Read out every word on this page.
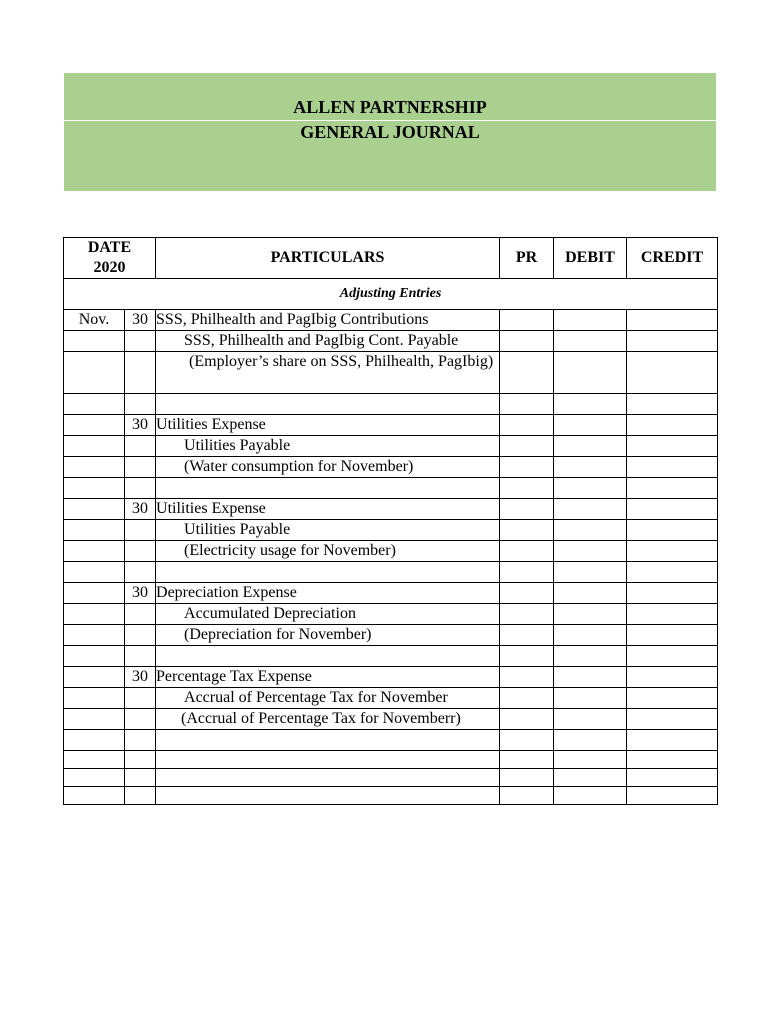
ALLEN PARTNERSHIP
GENERAL JOURNAL
DATE
2020		PARTICULARS	PR	DEBIT	CREDIT
Adjusting Entries					
Nov.	30	SSS, Philhealth and PagIbig Contributions			
		SSS, Philhealth and PagIbig Cont. Payable			
		(Employer’s share on SSS, Philhealth, PagIbig)			

	30	Utilities Expense			
		Utilities Payable			
		(Water consumption for November)			

	30	Utilities Expense			
		Utilities Payable			
		(Electricity usage for November)			

	30	Depreciation Expense			
		Accumulated Depreciation			
		(Depreciation for November)			

	30	Percentage Tax Expense			
		Accrual of Percentage Tax for November			
		(Accrual of Percentage Tax for Novemberr)			
